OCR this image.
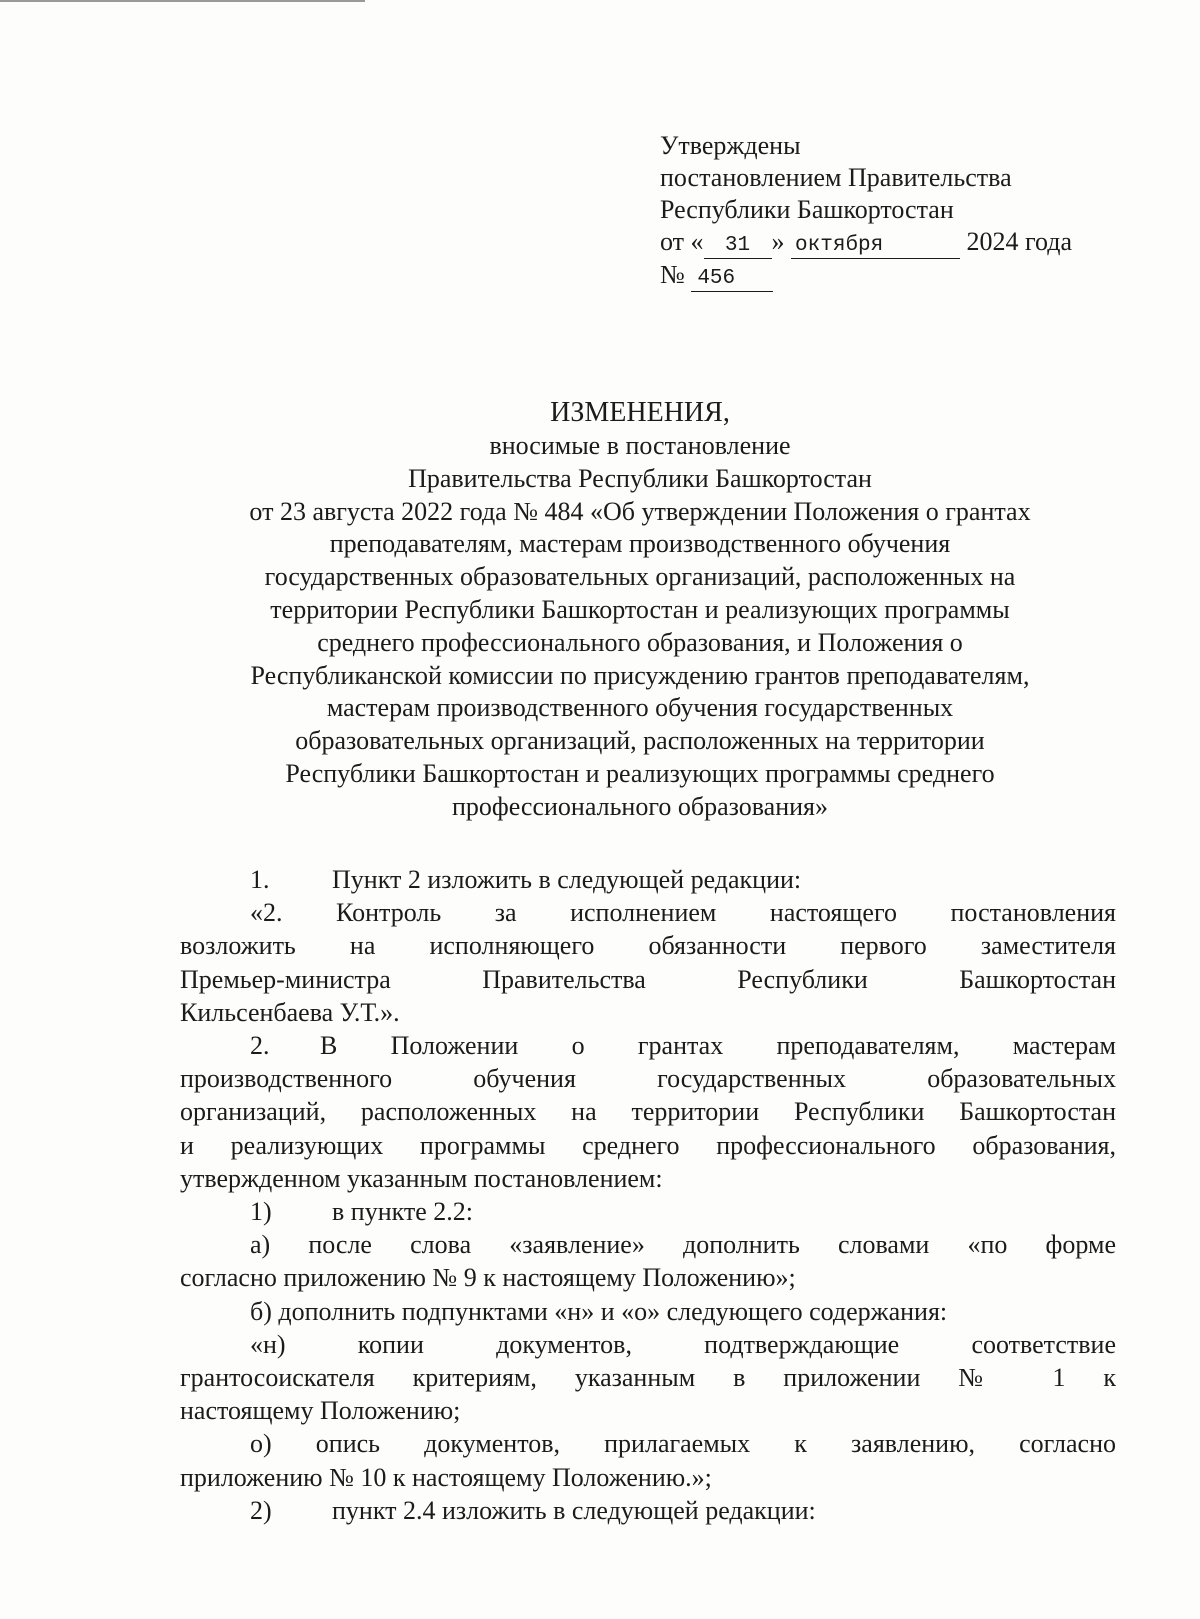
Утверждены
постановлением Правительства
Республики Башкортостан
от « 31 » октября	2024 года
№ 456
ИЗМЕНЕНИЯ,
вносимые в постановление
Правительства Республики Башкортостан
от 23 августа 2022 года № 484 «Об утверждении Положения о грантах
преподавателям, мастерам производственного обучения
государственных образовательных организаций, расположенных на
территории Республики Башкортостан и реализующих программы
среднего профессионального образования, и Положения о
Республиканской комиссии по присуждению грантов преподавателям,
мастерам производственного обучения государственных
образовательных организаций, расположенных на территории
Республики Башкортостан и реализующих программы среднего
профессионального образования»
1. Пункт 2 изложить в следующей редакции:
«2. Контроль за исполнением настоящего постановления
возложить на исполняющего обязанности первого заместителя
Премьер-министра Правительства Республики Башкортостан
Кильсенбаева У.Т.».
2. В Положении о грантах преподавателям, мастерам
производственного обучения государственных образовательных
организаций, расположенных на территории Республики Башкортостан
и реализующих программы среднего профессионального образования,
утвержденном указанным постановлением:
1) в пункте 2.2:
а) после слова «заявление» дополнить словами «по форме
согласно приложению № 9 к настоящему Положению»;
б) дополнить подпунктами «н» и «о» следующего содержания:
«н) копии документов, подтверждающие соответствие
грантосоискателя критериям, указанным в приложении № 1 к
настоящему Положению;
о) опись документов, прилагаемых к заявлению, согласно
приложению № 10 к настоящему Положению.»;
2) пункт 2.4 изложить в следующей редакции:
